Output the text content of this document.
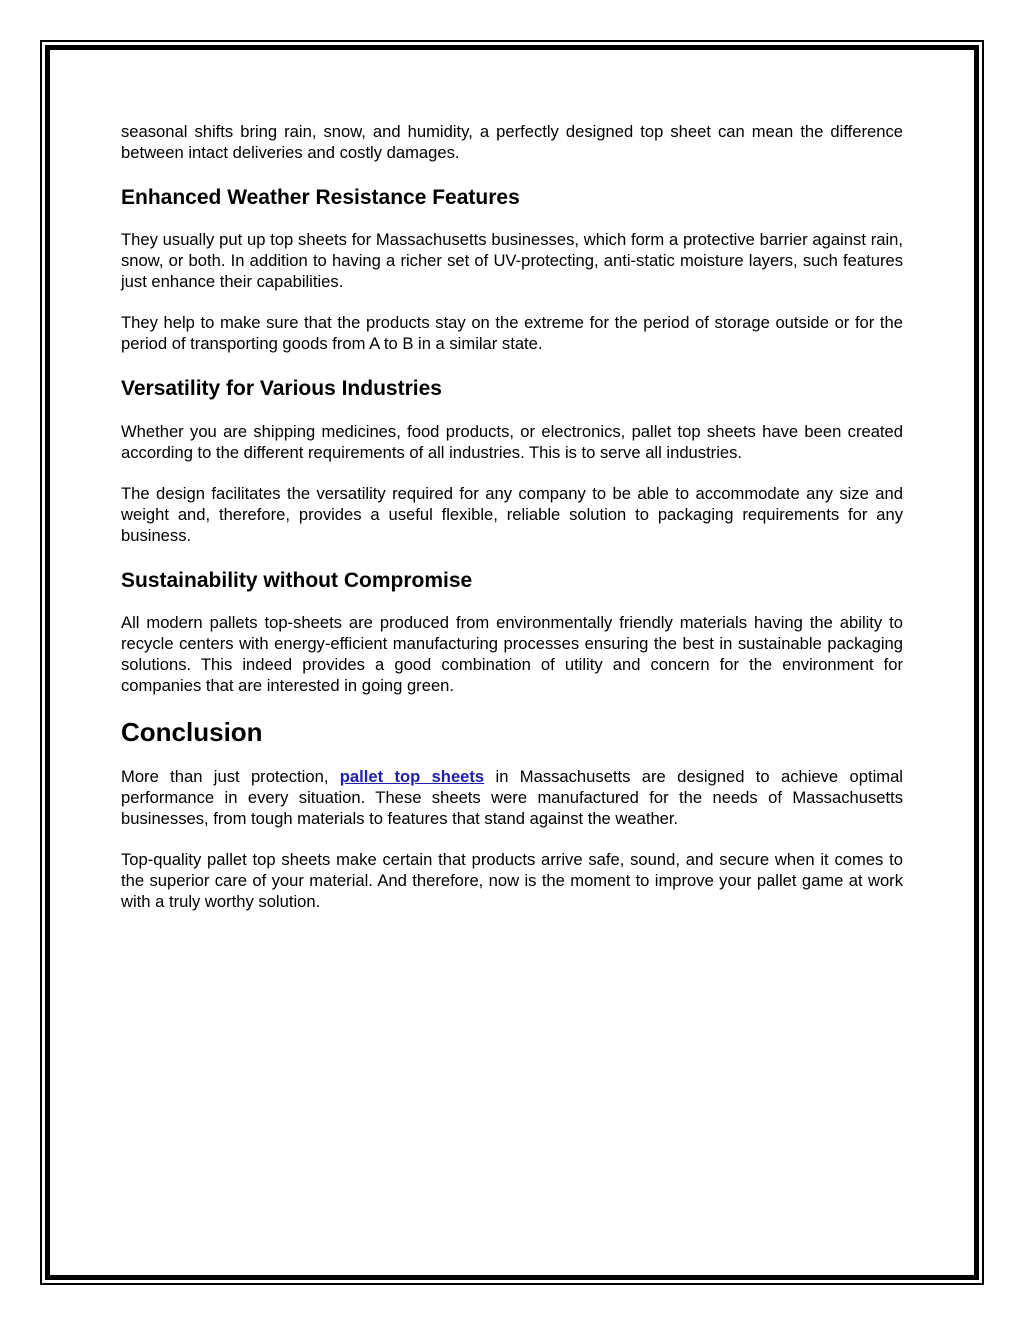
seasonal shifts bring rain, snow, and humidity, a perfectly designed top sheet can mean the difference between intact deliveries and costly damages.

Enhanced Weather Resistance Features

They usually put up top sheets for Massachusetts businesses, which form a protective barrier against rain, snow, or both. In addition to having a richer set of UV-protecting, anti-static moisture layers, such features just enhance their capabilities.

They help to make sure that the products stay on the extreme for the period of storage outside or for the period of transporting goods from A to B in a similar state.

Versatility for Various Industries

Whether you are shipping medicines, food products, or electronics, pallet top sheets have been created according to the different requirements of all industries. This is to serve all industries.

The design facilitates the versatility required for any company to be able to accommodate any size and weight and, therefore, provides a useful flexible, reliable solution to packaging requirements for any business.

Sustainability without Compromise

All modern pallets top-sheets are produced from environmentally friendly materials having the ability to recycle centers with energy-efficient manufacturing processes ensuring the best in sustainable packaging solutions. This indeed provides a good combination of utility and concern for the environment for companies that are interested in going green.

Conclusion

More than just protection, pallet top sheets in Massachusetts are designed to achieve optimal performance in every situation. These sheets were manufactured for the needs of Massachusetts businesses, from tough materials to features that stand against the weather.

Top-quality pallet top sheets make certain that products arrive safe, sound, and secure when it comes to the superior care of your material. And therefore, now is the moment to improve your pallet game at work with a truly worthy solution.
